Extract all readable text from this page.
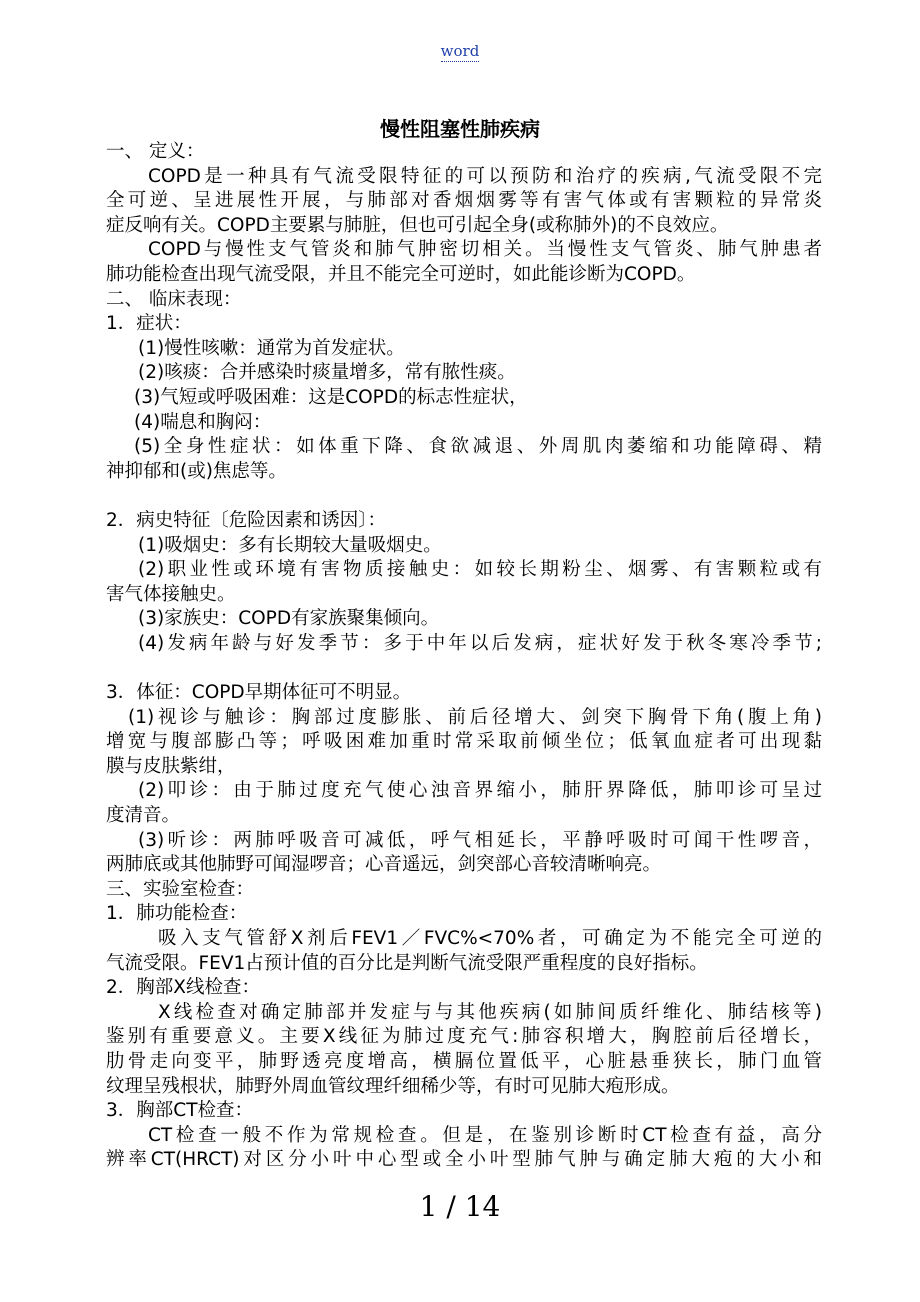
word
慢性阻塞性肺疾病
一、 定义：
COPD是一种具有气流受限特征的可以预防和治疗的疾病,气流受限不完
全可逆、呈进展性开展，与肺部对香烟烟雾等有害气体或有害颗粒的异常炎
症反响有关。COPD主要累与肺脏，但也可引起全身(或称肺外)的不良效应。
COPD与慢性支气管炎和肺气肿密切相关。当慢性支气管炎、肺气肿患者
肺功能检查出现气流受限，并且不能完全可逆时，如此能诊断为COPD。
二、 临床表现：
1．症状：
(1)慢性咳嗽：通常为首发症状。
(2)咳痰：合并感染时痰量增多，常有脓性痰。
(3)气短或呼吸困难：这是COPD的标志性症状，
(4)喘息和胸闷：
(5)全身性症状：如体重下降、食欲减退、外周肌肉萎缩和功能障碍、精
神抑郁和(或)焦虑等。
2．病史特征〔危险因素和诱因〕：
(1)吸烟史：多有长期较大量吸烟史。
(2)职业性或环境有害物质接触史：如较长期粉尘、烟雾、有害颗粒或有
害气体接触史。
(3)家族史：COPD有家族聚集倾向。
(4)发病年龄与好发季节：多于中年以后发病，症状好发于秋冬寒冷季节;
3．体征：COPD早期体征可不明显。
(1)视诊与触诊：胸部过度膨胀、前后径增大、剑突下胸骨下角(腹上角)
增宽与腹部膨凸等；呼吸困难加重时常采取前倾坐位；低氧血症者可出现黏
膜与皮肤紫绀，
(2)叩诊：由于肺过度充气使心浊音界缩小，肺肝界降低，肺叩诊可呈过
度清音。
(3)听诊：两肺呼吸音可减低，呼气相延长，平静呼吸时可闻干性啰音，
两肺底或其他肺野可闻湿啰音；心音遥远，剑突部心音较清晰响亮。
三、实验室检查：
1．肺功能检查：
吸入支气管舒X剂后FEV1／FVC%<70%者，可确定为不能完全可逆的
气流受限。FEV1占预计值的百分比是判断气流受限严重程度的良好指标。
2．胸部X线检查：
X线检查对确定肺部并发症与与其他疾病(如肺间质纤维化、肺结核等)
鉴别有重要意义。主要X线征为肺过度充气:肺容积增大，胸腔前后径增长，
肋骨走向变平，肺野透亮度增高，横膈位置低平，心脏悬垂狭长，肺门血管
纹理呈残根状，肺野外周血管纹理纤细稀少等，有时可见肺大疱形成。
3．胸部CT检查：
CT检查一般不作为常规检查。但是，在鉴别诊断时CT检查有益，高分
辨率CT(HRCT)对区分小叶中心型或全小叶型肺气肿与确定肺大疱的大小和
1 / 14
